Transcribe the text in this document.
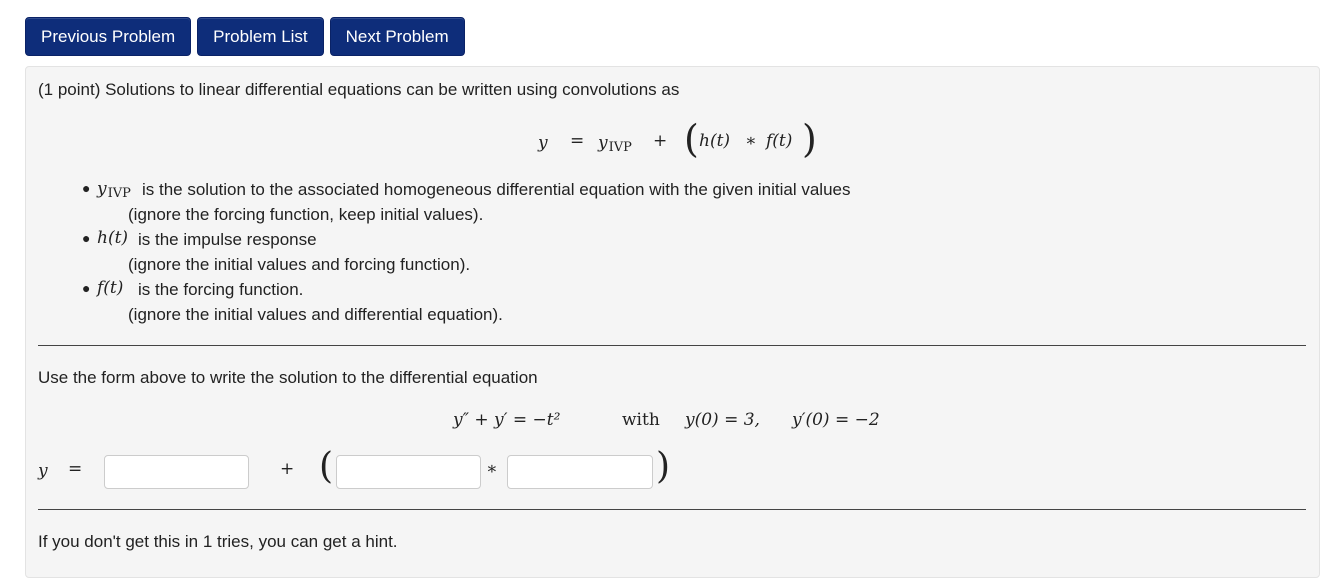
Previous Problem	Problem List	Next Problem
(1 point) Solutions to linear differential equations can be written using convolutions as
y = yIVP + ( h(t) ∗ f(t) )
● yIVP is the solution to the associated homogeneous differential equation with the given initial values
(ignore the forcing function, keep initial values).
● h(t) is the impulse response
(ignore the initial values and forcing function).
● f(t) is the forcing function.
(ignore the initial values and differential equation).
Use the form above to write the solution to the differential equation
y″ + y′ = −t²	with y(0) = 3, y′(0) = −2
y =	+ (	∗	)
If you don't get this in 1 tries, you can get a hint.
